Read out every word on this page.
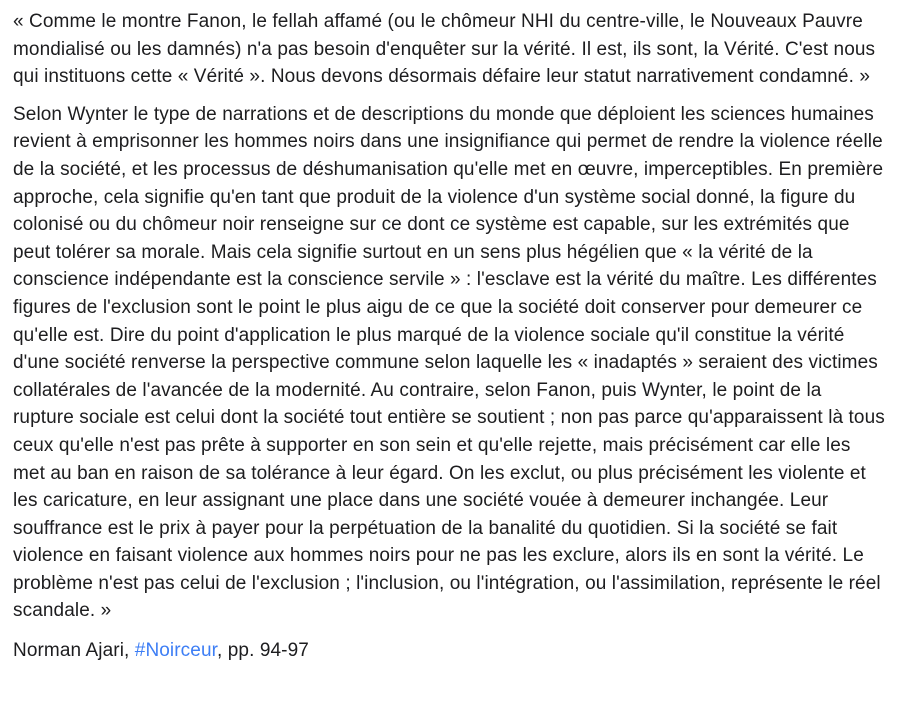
« Comme le montre Fanon, le fellah affamé (ou le chômeur NHI du centre-ville, le Nouveaux Pauvre mondialisé ou les damnés) n'a pas besoin d'enquêter sur la vérité. Il est, ils sont, la Vérité. C'est nous qui instituons cette « Vérité ». Nous devons désormais défaire leur statut narrativement condamné. »

Selon Wynter le type de narrations et de descriptions du monde que déploient les sciences humaines revient à emprisonner les hommes noirs dans une insignifiance qui permet de rendre la violence réelle de la société, et les processus de déshumanisation qu'elle met en œuvre, imperceptibles. En première approche, cela signifie qu'en tant que produit de la violence d'un système social donné, la figure du colonisé ou du chômeur noir renseigne sur ce dont ce système est capable, sur les extrémités que peut tolérer sa morale. Mais cela signifie surtout en un sens plus hégélien que « la vérité de la conscience indépendante est la conscience servile » : l'esclave est la vérité du maître. Les différentes figures de l'exclusion sont le point le plus aigu de ce que la société doit conserver pour demeurer ce qu'elle est. Dire du point d'application le plus marqué de la violence sociale qu'il constitue la vérité d'une société renverse la perspective commune selon laquelle les « inadaptés » seraient des victimes collatérales de l'avancée de la modernité. Au contraire, selon Fanon, puis Wynter, le point de la rupture sociale est celui dont la société tout entière se soutient ; non pas parce qu'apparaissent là tous ceux qu'elle n'est pas prête à supporter en son sein et qu'elle rejette, mais précisément car elle les met au ban en raison de sa tolérance à leur égard. On les exclut, ou plus précisément les violente et les caricature, en leur assignant une place dans une société vouée à demeurer inchangée. Leur souffrance est le prix à payer pour la perpétuation de la banalité du quotidien. Si la société se fait violence en faisant violence aux hommes noirs pour ne pas les exclure, alors ils en sont la vérité. Le problème n'est pas celui de l'exclusion ; l'inclusion, ou l'intégration, ou l'assimilation, représente le réel scandale. »

Norman Ajari, #Noirceur, pp. 94-97
